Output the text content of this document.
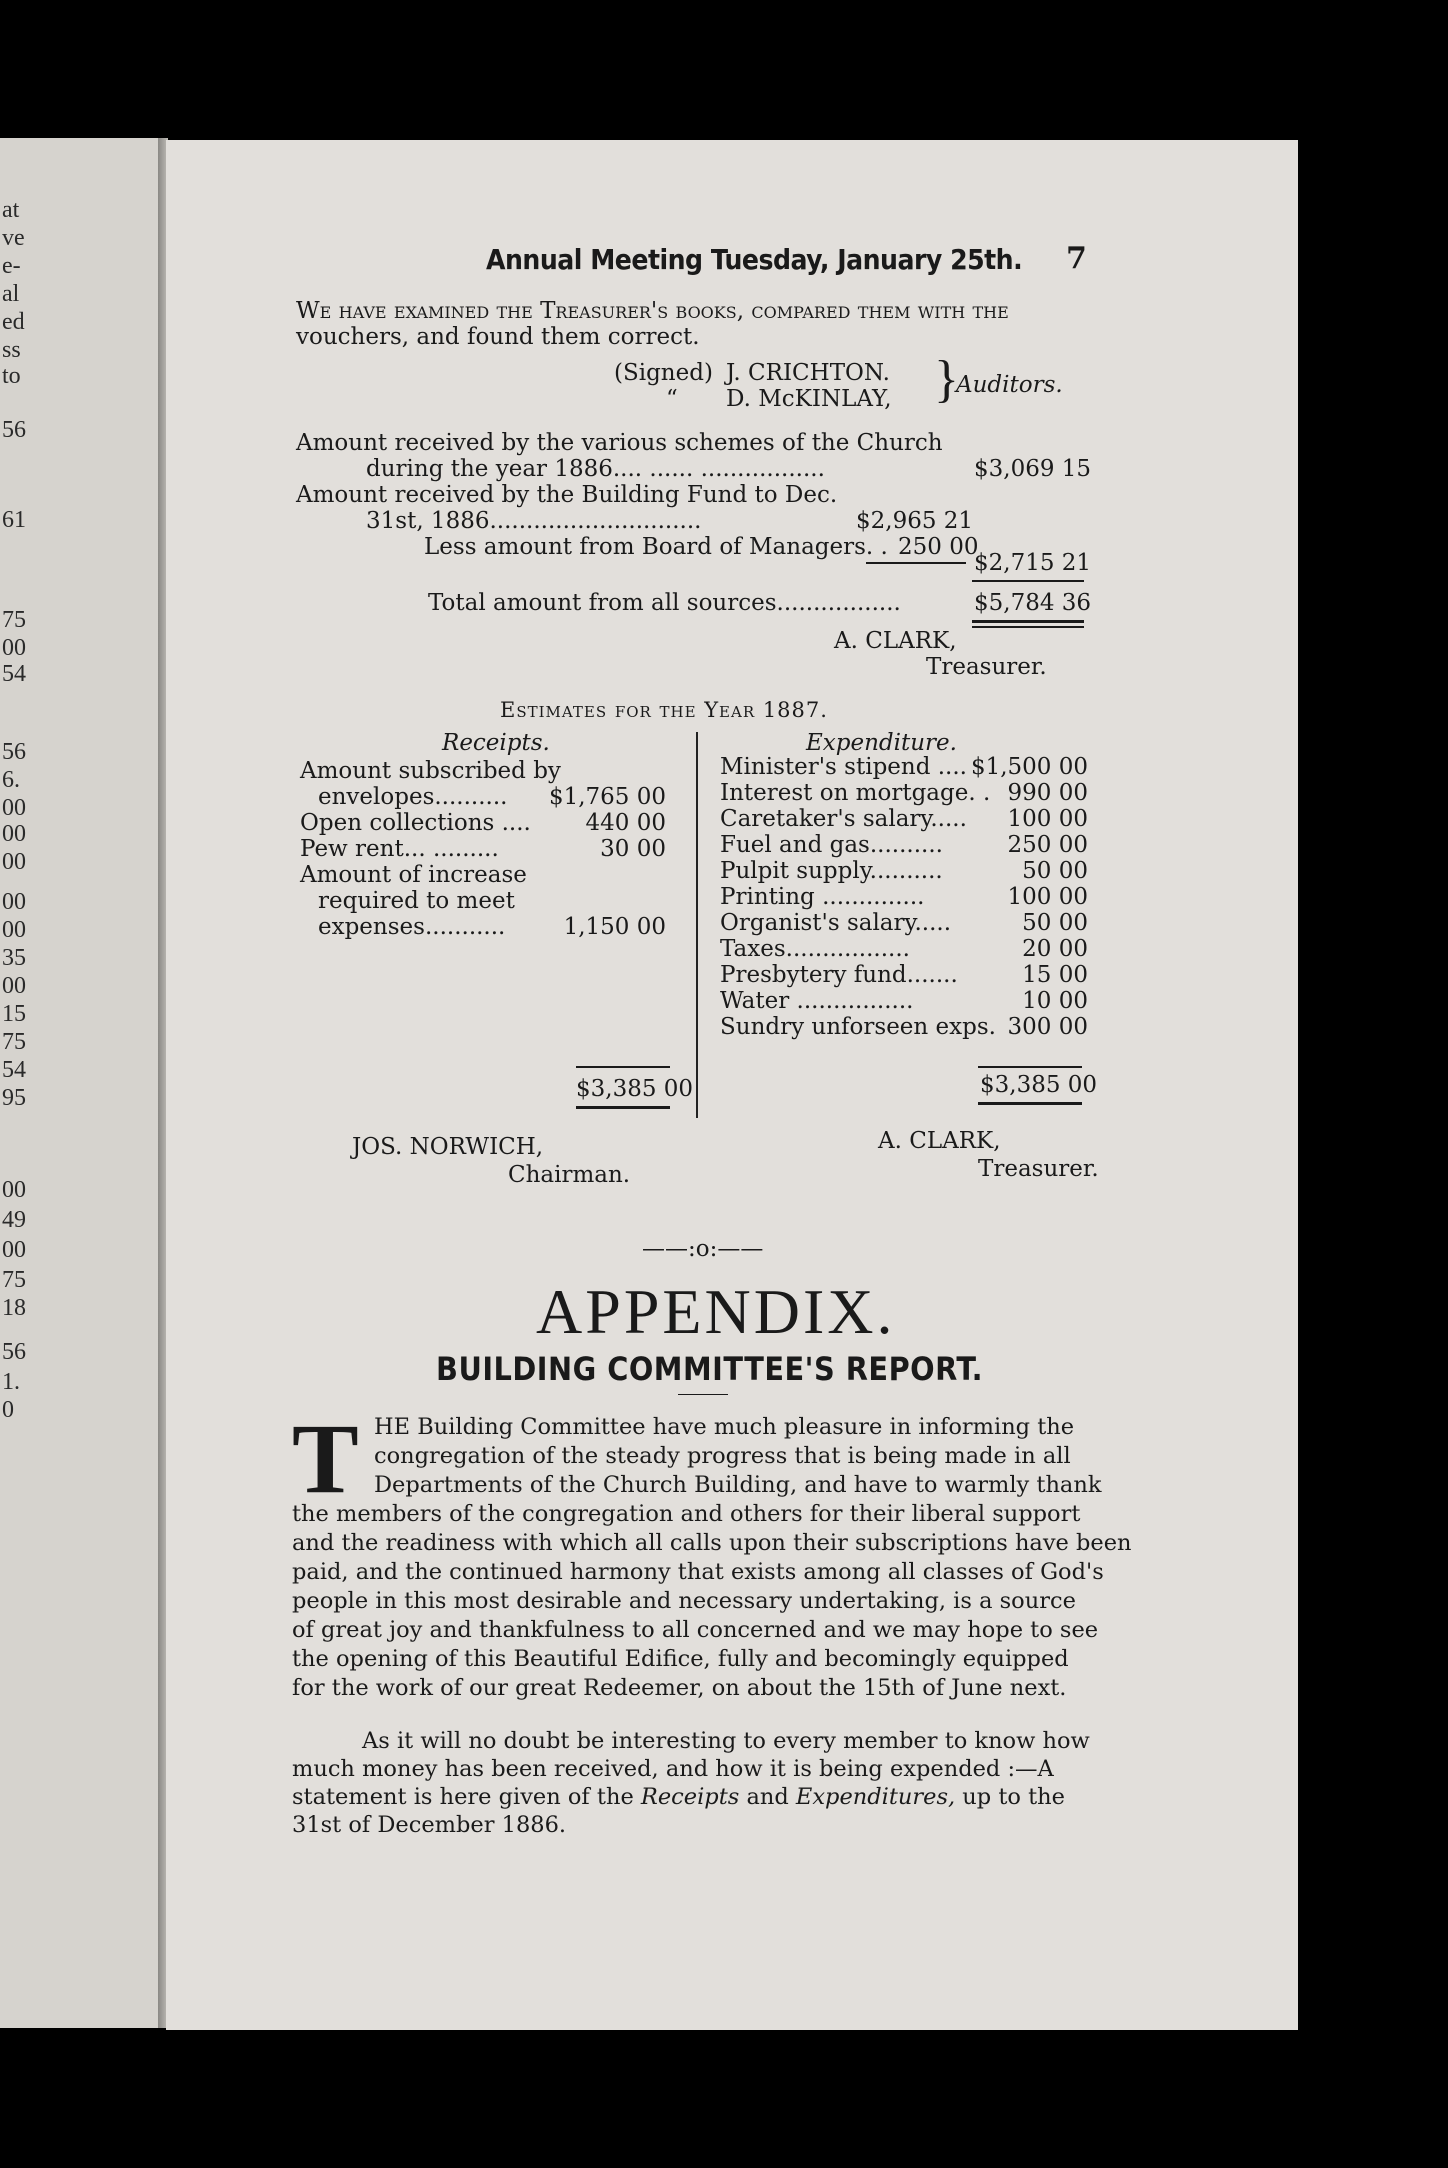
at
ve
e-
al
ed
ss
to
56
61
75
00
54
56
6.
00
00
00
00
00
35
00
15
75
54
95
00
49
00
75
18
56
1.
0
Annual Meeting Tuesday, January 25th. 7
We have examined the Treasurer's books, compared them with the
vouchers, and found them correct.
(Signed) J. CRICHTON.
“ D. McKINLAY, }
Auditors.
Amount received by the various schemes of the Church
during the year 1886.... ...... .................	$3,069 15
Amount received by the Building Fund to Dec.
31st, 1886.............................	$2,965 21
Less amount from Board of Managers. . 250 00
$2,715 21
Total amount from all sources.................	$5,784 36
A. CLARK,
Treasurer.
Estimates for the Year 1887.
Receipts.	Expenditure.
Amount subscribed by
envelopes.......... $1,765 00
Open collections .... 440 00
Pew rent... .........	30 00
Amount of increase
required to meet
expenses...........	1,150 00
Minister's stipend .... $1,500 00
Interest on mortgage. . 990 00
Caretaker's salary..... 100 00
Fuel and gas..........	250 00
Pulpit supply..........	50 00
Printing ..............	100 00
Organist's salary.....	50 00
Taxes.................	20 00
Presbytery fund.......	15 00
Water ................	10 00
Sundry unforseen exps. 300 00
$3,385 00	$3,385 00
JOS. NORWICH,
Chairman.
A. CLARK,
Treasurer.
——:o:——
APPENDIX.
BUILDING COMMITTEE'S REPORT.
T HE Building Committee have much pleasure in informing the
congregation of the steady progress that is being made in all
Departments of the Church Building, and have to warmly thank
the members of the congregation and others for their liberal support
and the readiness with which all calls upon their subscriptions have been
paid, and the continued harmony that exists among all classes of God's
people in this most desirable and necessary undertaking, is a source
of great joy and thankfulness to all concerned and we may hope to see
the opening of this Beautiful Edifice, fully and becomingly equipped
for the work of our great Redeemer, on about the 15th of June next.
As it will no doubt be interesting to every member to know how
much money has been received, and how it is being expended :—A
statement is here given of the Receipts and Expenditures, up to the
31st of December 1886.
